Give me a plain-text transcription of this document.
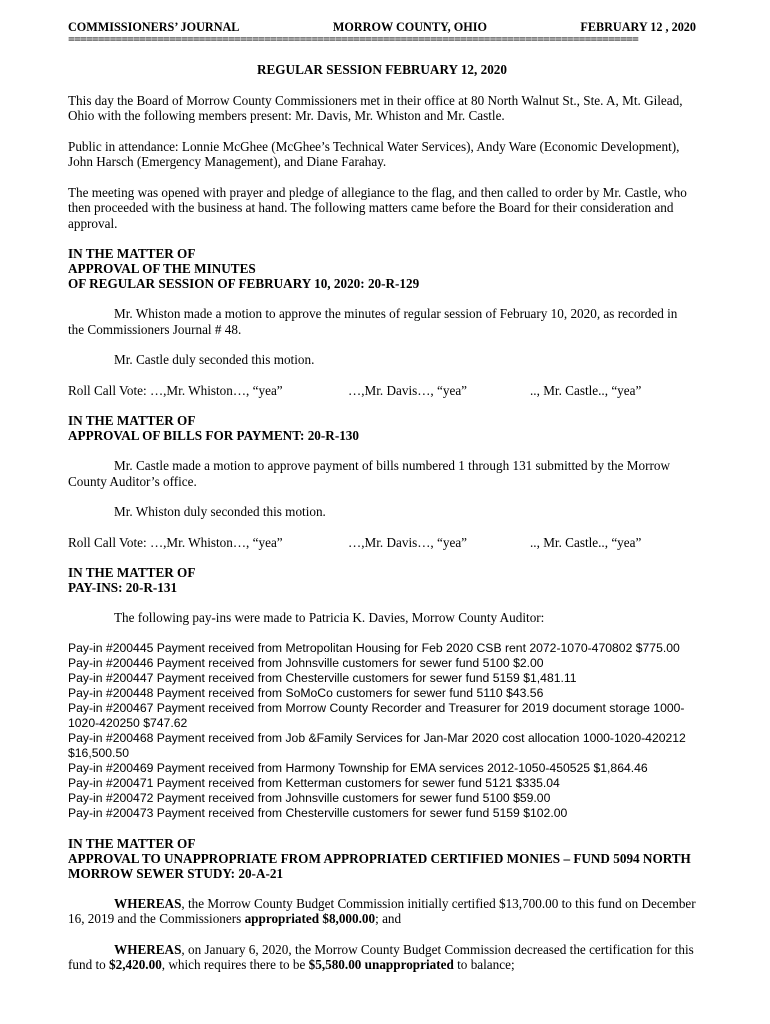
COMMISSIONERS’ JOURNAL	MORROW COUNTY, OHIO	FEBRUARY 12 , 2020
================================================================================================
REGULAR SESSION FEBRUARY 12, 2020

This day the Board of Morrow County Commissioners met in their office at 80 North Walnut St., Ste. A, Mt. Gilead, Ohio with the following members present: Mr. Davis, Mr. Whiston and Mr. Castle.

Public in attendance: Lonnie McGhee (McGhee’s Technical Water Services), Andy Ware (Economic Development), John Harsch (Emergency Management), and Diane Farahay.

The meeting was opened with prayer and pledge of allegiance to the flag, and then called to order by Mr. Castle, who then proceeded with the business at hand. The following matters came before the Board for their consideration and approval.

IN THE MATTER OF
APPROVAL OF THE MINUTES
OF REGULAR SESSION OF FEBRUARY 10, 2020: 20-R-129

Mr. Whiston made a motion to approve the minutes of regular session of February 10, 2020, as recorded in the Commissioners Journal # 48.

Mr. Castle duly seconded this motion.

Roll Call Vote: …,Mr. Whiston…, “yea”	…,Mr. Davis…, “yea”	.., Mr. Castle.., “yea”
IN THE MATTER OF
APPROVAL OF BILLS FOR PAYMENT: 20-R-130

Mr. Castle made a motion to approve payment of bills numbered 1 through 131 submitted by the Morrow County Auditor’s office.

Mr. Whiston duly seconded this motion.

Roll Call Vote: …,Mr. Whiston…, “yea”	…,Mr. Davis…, “yea”	.., Mr. Castle.., “yea”
IN THE MATTER OF
PAY-INS: 20-R-131

The following pay-ins were made to Patricia K. Davies, Morrow County Auditor:

Pay-in #200445 Payment received from Metropolitan Housing for Feb 2020 CSB rent 2072-1070-470802 $775.00
Pay-in #200446 Payment received from Johnsville customers for sewer fund 5100 $2.00
Pay-in #200447 Payment received from Chesterville customers for sewer fund 5159 $1,481.11
Pay-in #200448 Payment received from SoMoCo customers for sewer fund 5110 $43.56
Pay-in #200467 Payment received from Morrow County Recorder and Treasurer for 2019 document storage 1000-1020-420250 $747.62
Pay-in #200468 Payment received from Job &Family Services for Jan-Mar 2020 cost allocation 1000-1020-420212 $16,500.50
Pay-in #200469 Payment received from Harmony Township for EMA services 2012-1050-450525 $1,864.46
Pay-in #200471 Payment received from Ketterman customers for sewer fund 5121 $335.04
Pay-in #200472 Payment received from Johnsville customers for sewer fund 5100 $59.00
Pay-in #200473 Payment received from Chesterville customers for sewer fund 5159 $102.00
IN THE MATTER OF
APPROVAL TO UNAPPROPRIATE FROM APPROPRIATED CERTIFIED MONIES – FUND 5094 NORTH MORROW SEWER STUDY: 20-A-21

WHEREAS, the Morrow County Budget Commission initially certified $13,700.00 to this fund on December 16, 2019 and the Commissioners appropriated $8,000.00; and

WHEREAS, on January 6, 2020, the Morrow County Budget Commission decreased the certification for this fund to $2,420.00, which requires there to be $5,580.00 unappropriated to balance;
